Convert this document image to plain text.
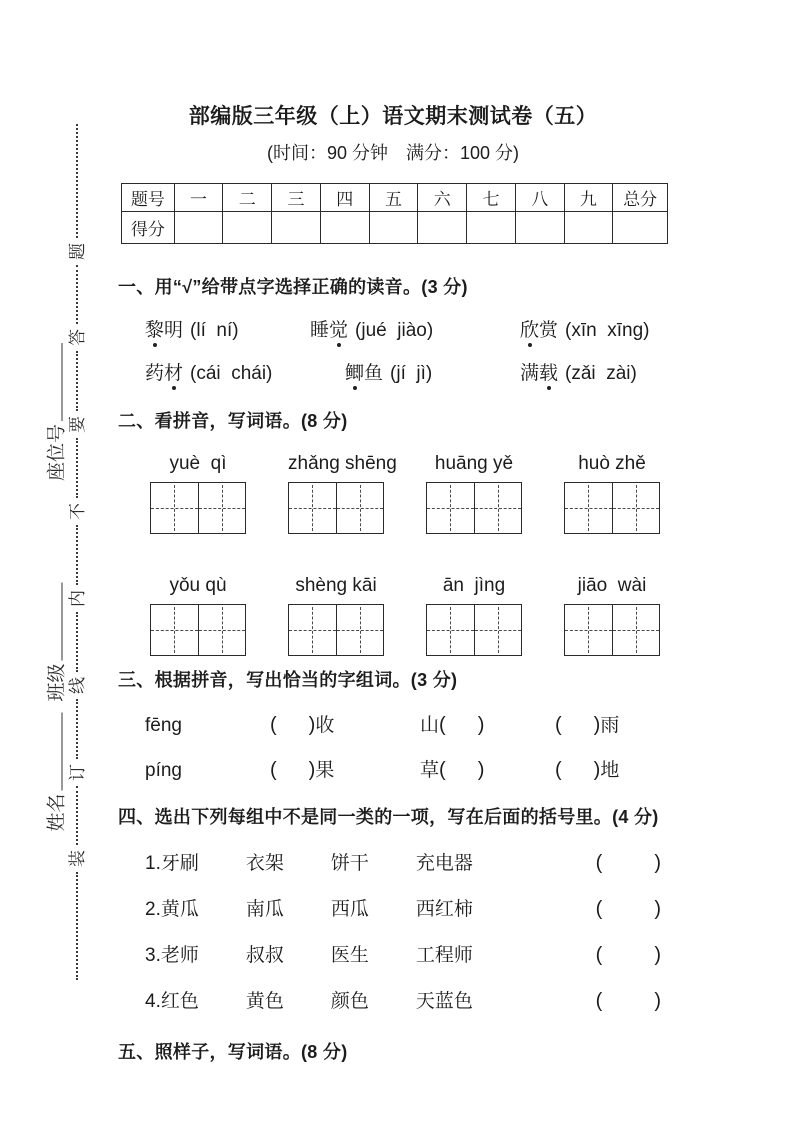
题
答
要
不
内
线
订
装
座位号
班级
姓名
部编版三年级（上）语文期末测试卷（五）
(时间：90 分钟　满分：100 分)
题号	一	二	三	四	五	六	七	八	九	总分
得分										
一、用“√”给带点字选择正确的读音。(3 分)
黎明 (lí  ní)	睡觉 (jué  jiào)	欣赏 (xīn  xīng)
药材 (cái  chái)	鲫鱼 (jí  jì)	满载 (zǎi  zài)
二、看拼音，写词语。(8 分)
yuè  qì	zhǎng shēng	huāng yě	huò zhě
yǒu qù	shèng kāi	ān  jìng	jiāo  wài
三、根据拼音，写出恰当的字组词。(3 分)
fēng	( ) 收	山 ( )	( ) 雨
píng	( ) 果	草 ( )	( ) 地
四、选出下列每组中不是同一类的一项，写在后面的括号里。(4 分)
1. 牙刷	衣架	饼干	充电器	(	)
2. 黄瓜	南瓜	西瓜	西红柿	(	)
3. 老师	叔叔	医生	工程师	(	)
4. 红色	黄色	颜色	天蓝色	(	)
五、照样子，写词语。(8 分)
